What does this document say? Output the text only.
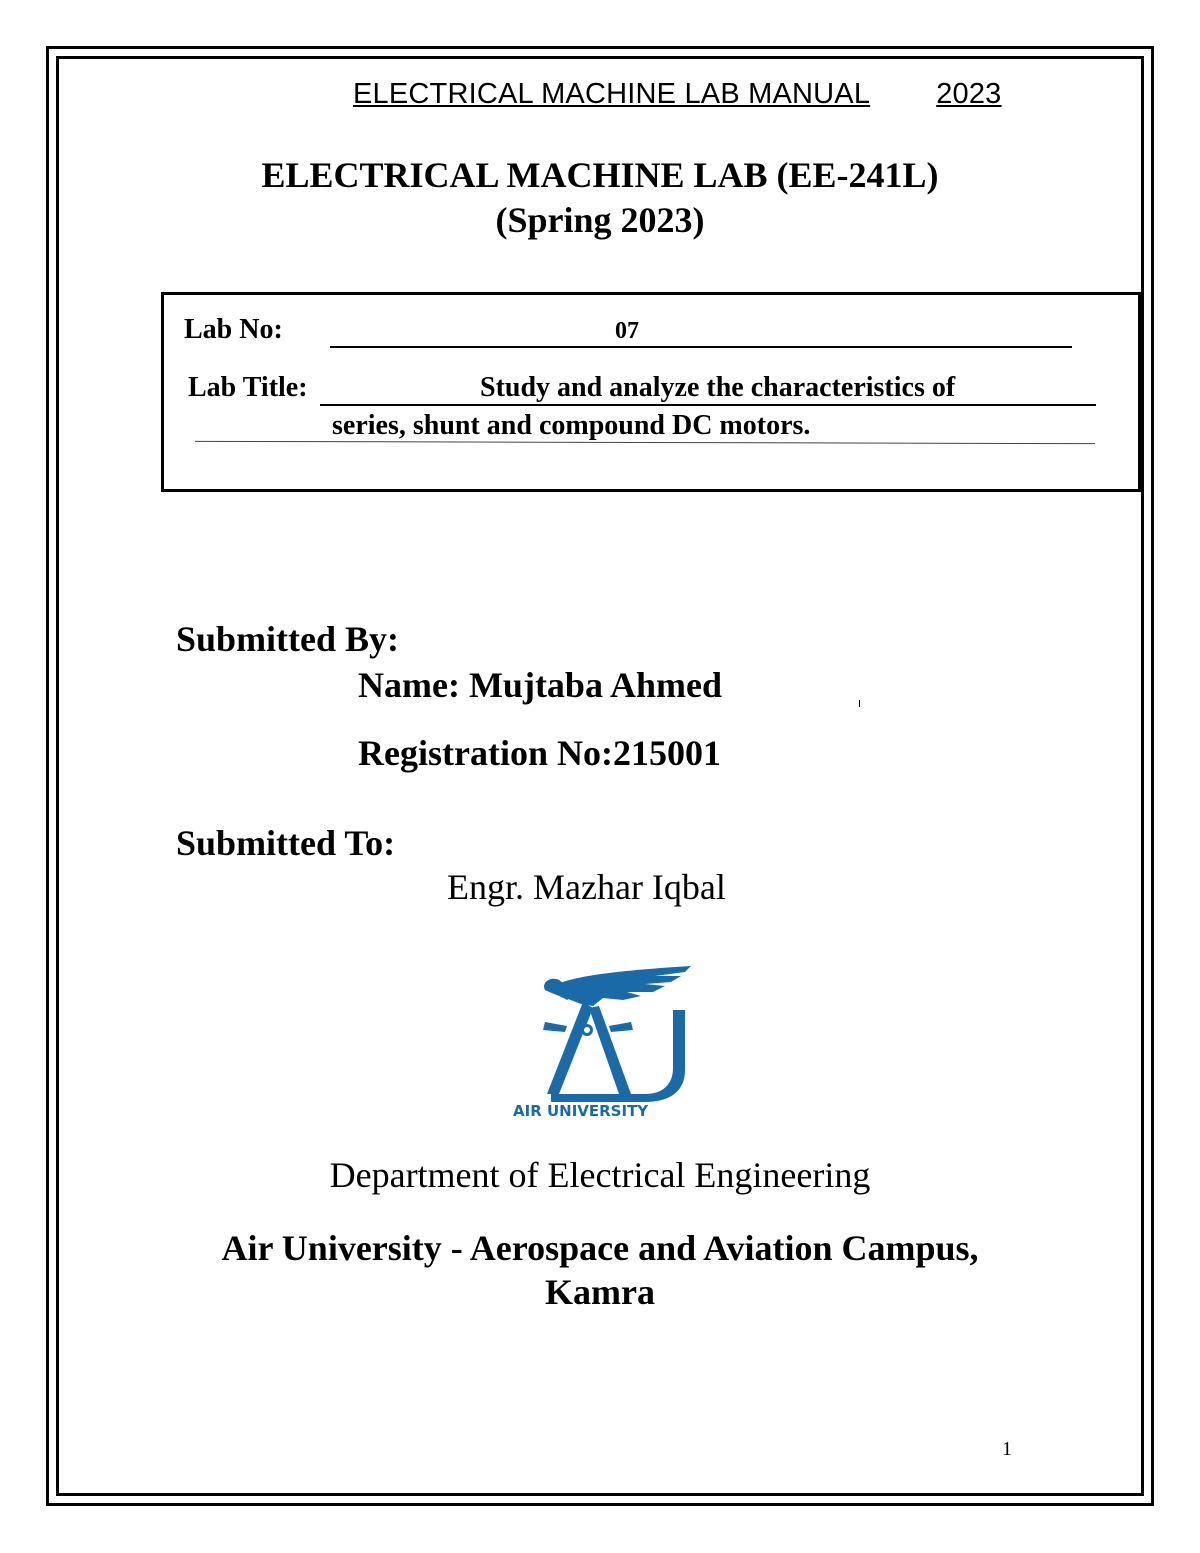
ELECTRICAL MACHINE LAB MANUAL 2023
ELECTRICAL MACHINE LAB (EE-241L)
(Spring 2023)
Lab No:	07
Lab Title:	Study and analyze the characteristics of
series, shunt and compound DC motors.
Submitted By:
Name: Mujtaba Ahmed
Registration No:215001
Submitted To:
Engr. Mazhar Iqbal
AIR UNIVERSITY
Department of Electrical Engineering
Air University - Aerospace and Aviation Campus,
Kamra
1
